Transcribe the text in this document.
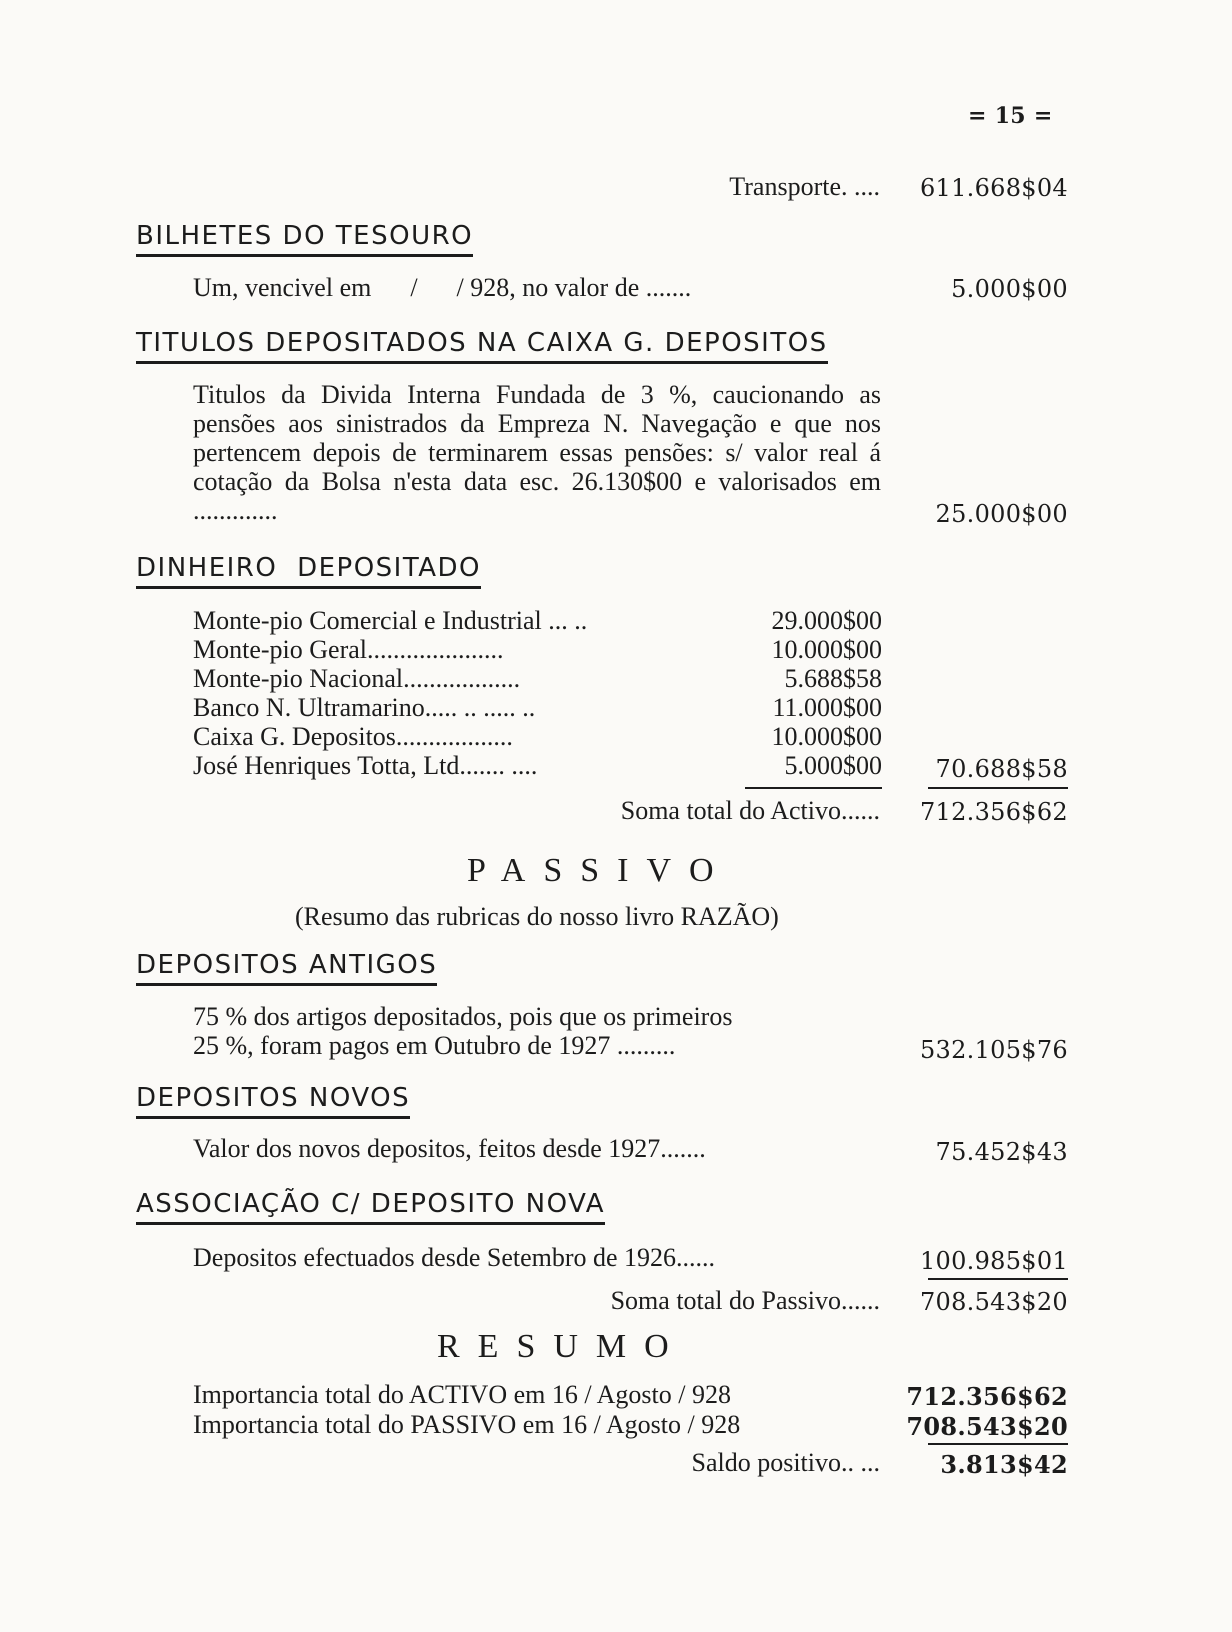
= 15 =
Transporte. ....	611.668$04
BILHETES DO TESOURO
Um, vencivel em      /      / 928, no valor de .......	5.000$00
TITULOS DEPOSITADOS NA CAIXA G. DEPOSITOS
Titulos da Divida Interna Fundada de 3 %, caucionando as pensões aos sinistrados da Empreza N. Navegação e que nos pertencem depois de terminarem essas pensões: s/ valor real á cotação da Bolsa n'esta data esc. 26.130$00 e valorisados em .............	25.000$00
DINHEIRO DEPOSITADO
Monte-pio Comercial e Industrial ... ..	29.000$00
Monte-pio Geral.....................	10.000$00
Monte-pio Nacional..................	5.688$58
Banco N. Ultramarino..... .. ..... ..	11.000$00
Caixa G. Depositos..................	10.000$00
José Henriques Totta, Ltd....... ....	5.000$00	70.688$58
Soma total do Activo......	712.356$62
PASSIVO
(Resumo das rubricas do nosso livro RAZÃO)
DEPOSITOS ANTIGOS
75 % dos artigos depositados, pois que os primeiros
25 %, foram pagos em Outubro de 1927 .........	532.105$76
DEPOSITOS NOVOS
Valor dos novos depositos, feitos desde 1927.......	75.452$43
ASSOCIAÇÃO C/ DEPOSITO NOVA
Depositos efectuados desde Setembro de 1926......	100.985$01
Soma total do Passivo......	708.543$20
RESUMO
Importancia total do ACTIVO em 16 / Agosto / 928	712.356$62
Importancia total do PASSIVO em 16 / Agosto / 928	708.543$20
Saldo positivo.. ...	3.813$42
